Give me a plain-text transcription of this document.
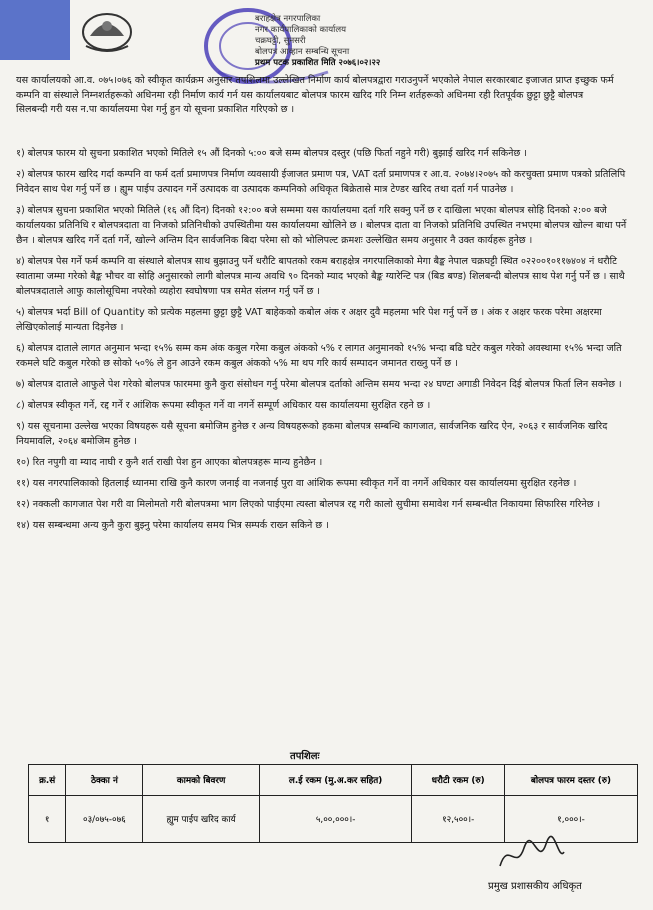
बराहक्षेत्र नगरपालिका
नगर कार्यपालिकाको कार्यालय
चक्रघट्टी, सुनसरी
बोलपत्र आव्हान सम्बन्धि सूचना
प्रथम पटक प्रकाशित मिति २०७६।०२।२२
यस कार्यालयको आ.व. ०७५।०७६ को स्वीकृत कार्यक्रम अनुसार तपशिलमा उल्लेखित निर्माण कार्य बोलपत्रद्वारा गराउनुपर्ने भएकोले नेपाल सरकारबाट इजाजत प्राप्त इच्छुक फर्म कम्पनि वा संस्थाले निम्नशर्तहरूको अधिनमा रही निर्माण कार्य गर्न यस कार्यालयबाट बोलपत्र फारम खरिद गरि निम्न शर्तहरूको अधिनमा रही रितपूर्वक छुट्टा छुट्टै बोलपत्र सिलबन्दी गरी यस न.पा कार्यालयमा पेश गर्नु हुन यो सूचना प्रकाशित गरिएको छ ।

१) बोलपत्र फारम यो सुचना प्रकाशित भएको मितिले १५ औं दिनको ५:०० बजे सम्म बोलपत्र दस्तुर (पछि फिर्ता नहुने गरी) बुझाई खरिद गर्न सकिनेछ ।

२) बोलपत्र फारम खरिद गर्दा कम्पनि वा फर्म दर्ता प्रमाणपत्र निर्माण व्यवसायी ईजाजत प्रमाण पत्र, VAT दर्ता प्रमाणपत्र र आ.व. २०७४।२०७५ को करचुक्ता प्रमाण पत्रको प्रतिलिपि निवेदन साथ पेश गर्नु पर्ने छ । ह्युम पाईप उत्पादन गर्ने उत्पादक वा उत्पादक कम्पनिको अधिकृत बिक्रेतासे मात्र टेण्डर खरिद तथा दर्ता गर्न पाउनेछ ।

३) बोलपत्र सुचना प्रकाशित भएको मितिले (१६ औं दिन) दिनको १२:०० बजे सम्ममा यस कार्यालयमा दर्ता गरि सक्नु पर्ने छ र दाखिला भएका बोलपत्र सोहि दिनको २:०० बजे कार्यालयका प्रतिनिधि र बोलपत्रदाता वा निजको प्रतिनिधीको उपस्थितीमा यस कार्यालयमा खोलिने छ । बोलपत्र दाता वा निजको प्रतिनिधि उपस्थित नभएमा बोलपत्र खोल्न बाधा पर्ने छैन । बोलपत्र खरिद गर्ने दर्ता गर्ने, खोल्ने अन्तिम दिन सार्वजनिक बिदा परेमा सो को भोलिपल्ट क्रमशः उल्लेखित समय अनुसार नै उक्त कार्यहरू हुनेछ ।

४) बोलपत्र पेस गर्ने फर्म कम्पनि वा संस्थाले बोलपत्र साथ बुझाउनु पर्ने धरौटि बापतको रकम बराहक्षेत्र नगरपालिकाको मेगा बैङ्क नेपाल चक्रघट्टी स्थित ०२२००१०११७४०४ नं धरौटि स्वातामा जम्मा गरेको बैङ्क भौचर वा सोहि अनुसारको लागी बोलपत्र मान्य अवधि ९० दिनको म्याद भएको बैङ्क ग्यारेन्टि पत्र (बिड बण्ड) शिलबन्दी बोलपत्र साथ पेश गर्नु पर्ने छ । साथै बोलपत्रदाताले आफु कालोसूचिमा नपरेको व्यहोरा स्वघोषणा पत्र समेत संलग्न गर्नु पर्ने छ ।

५) बोलपत्र भर्दा Bill of Quantity को प्रत्येक महलमा छुट्टा छुट्टै VAT बाहेकको कबोल अंक र अक्षर दुवै महलमा भरि पेश गर्नु पर्ने छ । अंक र अक्षर फरक परेमा अक्षरमा लेखिएकोलाई मान्यता दिइनेछ ।

६) बोलपत्र दाताले लागत अनुमान भन्दा १५% सम्म कम अंक कबुल गरेमा कबुल अंकको ५% र लागत अनुमानको १५% भन्दा बढि घटेर कबुल गरेको अवस्थामा १५% भन्दा जति रकमले घटि कबुल गरेको छ सोको ५०% ले हुन आउने रकम कबुल अंकको ५% मा थप गरि कार्य सम्पादन जमानत राख्नु पर्ने छ ।

७) बोलपत्र दाताले आफुले पेश गरेको बोलपत्र फारममा कुनै कुरा संसोधन गर्नु परेमा बोलपत्र दर्ताको अन्तिम समय भन्दा २४ घण्टा अगाडी निवेदन दिई बोलपत्र फिर्ता लिन सक्नेछ ।

८) बोलपत्र स्वीकृत गर्ने, रद्द गर्ने र आंशिक रूपमा स्वीकृत गर्ने वा नगर्ने सम्पूर्ण अधिकार यस कार्यालयमा सुरक्षित रहने छ ।

९) यस सूचनामा उल्लेख भएका विषयहरू यसै सूचना बमोजिम हुनेछ र अन्य विषयहरूको हकमा बोलपत्र सम्बन्धि कागजात, सार्वजनिक खरिद ऐन, २०६३ र सार्वजनिक खरिद नियमावलि, २०६४ बमोजिम हुनेछ ।

१०) रित नपुगी वा म्याद नाघी र कुनै शर्त राखी पेश हुन आएका बोलपत्रहरू मान्य हुनेछैन ।

११) यस नगरपालिकाको हितलाई ध्यानमा राखि कुनै कारण जनाई वा नजनाई पुरा वा आंशिक रूपमा स्वीकृत गर्ने वा नगर्ने अधिकार यस कार्यालयमा सुरक्षित रहनेछ ।

१२) नक्कली कागजात पेश गरी वा मिलोमतो गरी बोलपत्रमा भाग लिएको पाईएमा त्यस्ता बोलपत्र रद्द गरी कालो सुचीमा समावेश गर्न सम्बन्धीत निकायमा सिफारिस गरिनेछ ।

१४) यस सम्बन्धमा अन्य कुनै कुरा बुझ्नु परेमा कार्यालय समय भित्र सम्पर्क राख्न सकिने छ ।

तपशिलः
क्र.सं	ठेक्का नं	कामको बिवरण	ल.ई रकम (मु.अ.कर सहित)	धरौटी रकम (रु)	बोलपत्र फारम दस्तर (रु)
१	०३/०७५-०७६	ह्युम पाईप खरिद कार्य	५,००,०००।-	१२,५००।-	१,०००।-
प्रमुख प्रशासकीय अधिकृत
